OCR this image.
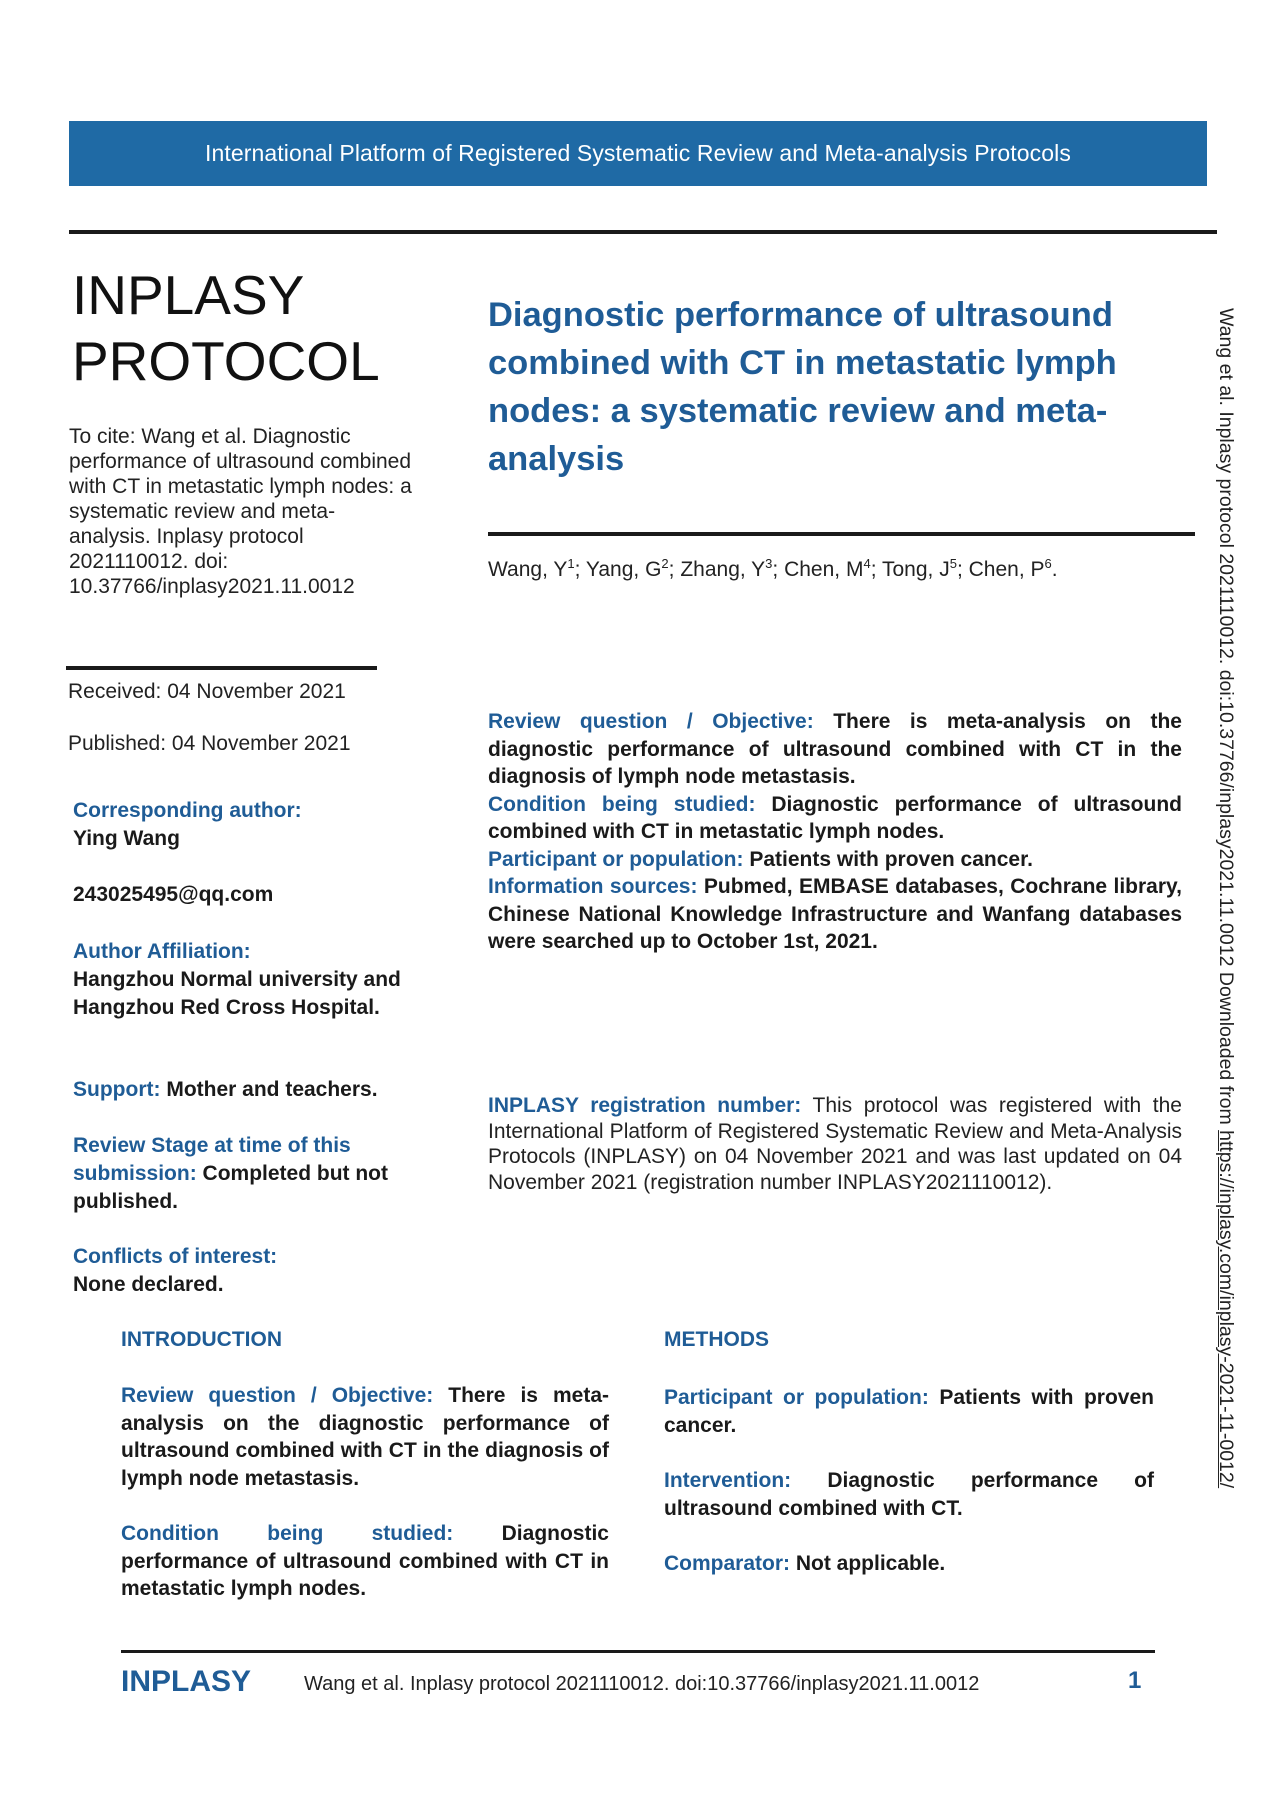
International Platform of Registered Systematic Review and Meta-analysis Protocols
INPLASY
PROTOCOL
To cite: Wang et al. Diagnostic performance of ultrasound combined with CT in metastatic lymph nodes: a systematic review and meta-analysis. Inplasy protocol 2021110012. doi: 10.37766/inplasy2021.11.0012
Received: 04 November 2021
Published: 04 November 2021
Corresponding author:
Ying Wang
243025495@qq.com
Author Affiliation:
Hangzhou Normal university and Hangzhou Red Cross Hospital.
Support: Mother and teachers.
Review Stage at time of this submission: Completed but not published.
Conflicts of interest:
None declared.
Diagnostic performance of ultrasound combined with CT in metastatic lymph nodes: a systematic review and meta-analysis
Wang, $Y^1$; Yang, $G^2$; Zhang, $Y^3$; Chen, $M^4$; Tong, $J^5$; Chen, $P^6$.

Review question / Objective: There is meta-analysis on the diagnostic performance of ultrasound combined with CT in the diagnosis of lymph node metastasis.

Condition being studied: Diagnostic performance of ultrasound combined with CT in metastatic lymph nodes.

Participant or population: Patients with proven cancer.

Information sources: Pubmed, EMBASE databases, Cochrane library, Chinese National Knowledge Infrastructure and Wanfang databases were searched up to October 1st, 2021.

INPLASY registration number: This protocol was registered with the International Platform of Registered Systematic Review and Meta-Analysis Protocols (INPLASY) on 04 November 2021 and was last updated on 04 November 2021 (registration number INPLASY2021110012).
INTRODUCTION

Review question / Objective: There is meta-analysis on the diagnostic performance of ultrasound combined with CT in the diagnosis of lymph node metastasis.

Condition being studied: Diagnostic performance of ultrasound combined with CT in metastatic lymph nodes.

METHODS

Participant or population: Patients with proven cancer.

Intervention: Diagnostic performance of ultrasound combined with CT.

Comparator: Not applicable.

Wang et al. Inplasy protocol 2021110012. doi:10.37766/inplasy2021.11.0012 Downloaded from https://inplasy.com/inplasy-2021-11-0012/
INPLASY	Wang et al. Inplasy protocol 2021110012. doi:10.37766/inplasy2021.11.0012	1
